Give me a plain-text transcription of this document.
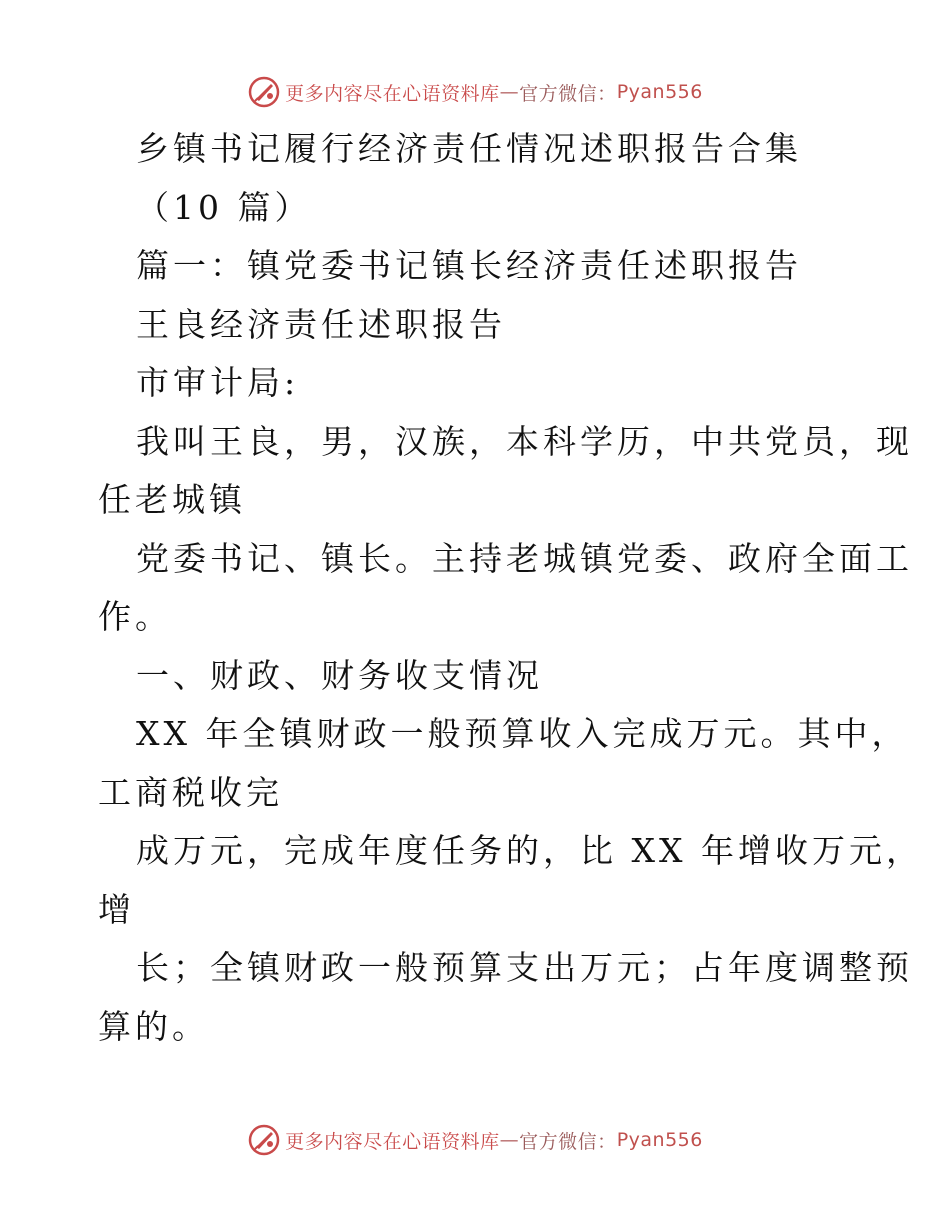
更多内容尽在心语资料库 — 官方微信： Pyan556
乡镇书记履行经济责任情况述职报告合集
（10 篇）
篇一：镇党委书记镇长经济责任述职报告
王良经济责任述职报告
市审计局:
我叫王良，男，汉族，本科学历，中共党员，现
任老城镇
党委书记、镇长。主持老城镇党委、政府全面工
作。
一、财政、财务收支情况
XX 年全镇财政一般预算收入完成万元。其中，
工商税收完
成万元，完成年度任务的，比 XX 年增收万元，
增
长；全镇财政一般预算支出万元；占年度调整预
算的。
更多内容尽在心语资料库 — 官方微信： Pyan556
